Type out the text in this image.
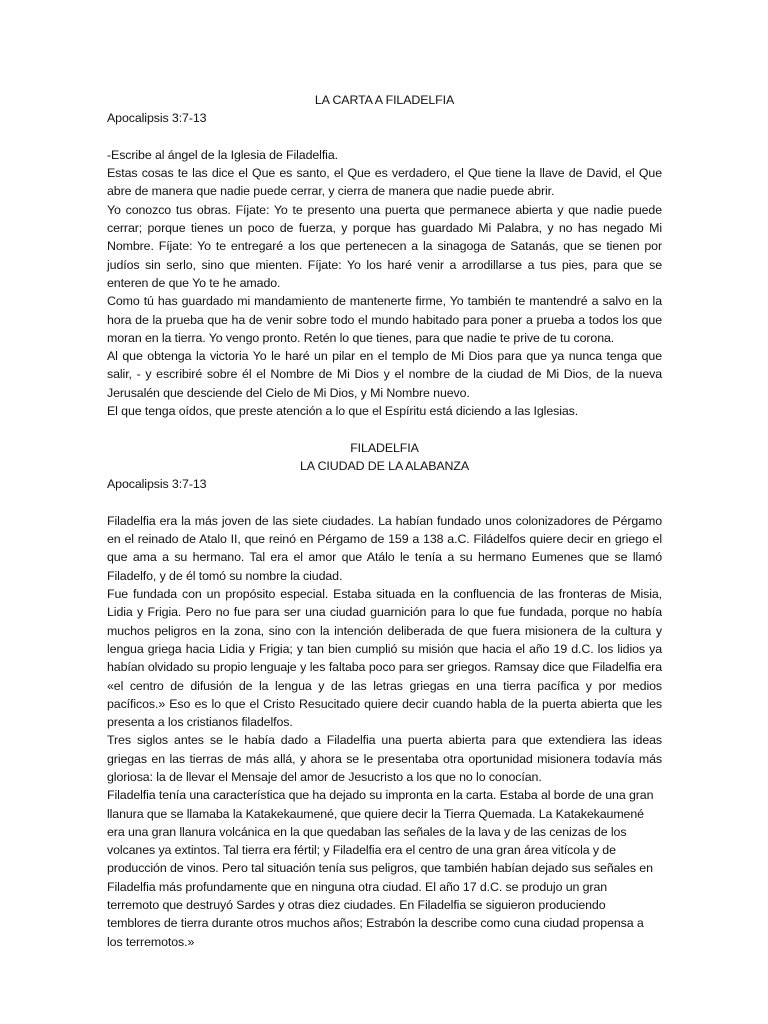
LA CARTA A FILADELFIA

Apocalipsis 3:7-13

-Escribe al ángel de la Iglesia de Filadelfia.

Estas cosas te las dice el Que es santo, el Que es verdadero, el Que tiene la llave de David, el Que abre de manera que nadie puede cerrar, y cierra de manera que nadie puede abrir.

Yo conozco tus obras. Fíjate: Yo te presento una puerta que permanece abierta y que nadie puede cerrar; porque tienes un poco de fuerza, y porque has guardado Mi Palabra, y no has negado Mi Nombre. Fíjate: Yo te entregaré a los que pertenecen a la sinagoga de Satanás, que se tienen por judíos sin serlo, sino que mienten. Fíjate: Yo los haré venir a arrodillarse a tus pies, para que se enteren de que Yo te he amado.

Como tú has guardado mi mandamiento de mantenerte firme, Yo también te mantendré a salvo en la hora de la prueba que ha de venir sobre todo el mundo habitado para poner a prueba a todos los que moran en la tierra. Yo vengo pronto. Retén lo que tienes, para que nadie te prive de tu corona.

Al que obtenga la victoria Yo le haré un pilar en el templo de Mi Dios para que ya nunca tenga que salir, - y escribiré sobre él el Nombre de Mi Dios y el nombre de la ciudad de Mi Dios, de la nueva Jerusalén que desciende del Cielo de Mi Dios, y Mi Nombre nuevo.

El que tenga oídos, que preste atención a lo que el Espíritu está diciendo a las Iglesias.

FILADELFIA

LA CIUDAD DE LA ALABANZA

Apocalipsis 3:7-13

Filadelfia era la más joven de las siete ciudades. La habían fundado unos colonizadores de Pérgamo en el reinado de Atalo II, que reinó en Pérgamo de 159 a 138 a.C. Filádelfos quiere decir en griego el que ama a su hermano. Tal era el amor que Atálo le tenía a su hermano Eumenes que se llamó Filadelfo, y de él tomó su nombre la ciudad.

Fue fundada con un propósito especial. Estaba situada en la confluencia de las fronteras de Misia, Lidia y Frigia. Pero no fue para ser una ciudad guarnición para lo que fue fundada, porque no había muchos peligros en la zona, sino con la intención deliberada de que fuera misionera de la cultura y lengua griega hacia Lidia y Frigia; y tan bien cumplió su misión que hacia el año 19 d.C. los lidios ya habían olvidado su propio lenguaje y les faltaba poco para ser griegos. Ramsay dice que Filadelfia era «el centro de difusión de la lengua y de las letras griegas en una tierra pacífica y por medios pacíficos.» Eso es lo que el Cristo Resucitado quiere decir cuando habla de la puerta abierta que les presenta a los cristianos filadelfos.

Tres siglos antes se le había dado a Filadelfia una puerta abierta para que extendiera las ideas griegas en las tierras de más allá, y ahora se le presentaba otra oportunidad misionera todavía más gloriosa: la de llevar el Mensaje del amor de Jesucristo a los que no lo conocían.

Filadelfia tenía una característica que ha dejado su impronta en la carta. Estaba al borde de una gran llanura que se llamaba la Katakekaumené, que quiere decir la Tierra Quemada. La Katakekaumené era una gran llanura volcánica en la que quedaban las señales de la lava y de las cenizas de los volcanes ya extintos. Tal tierra era fértil; y Filadelfia era el centro de una gran área vitícola y de producción de vinos. Pero tal situación tenía sus peligros, que también habían dejado sus señales en Filadelfia más profundamente que en ninguna otra ciudad. El año 17 d.C. se produjo un gran terremoto que destruyó Sardes y otras diez ciudades. En Filadelfia se siguieron produciendo temblores de tierra durante otros muchos años; Estrabón la describe como cuna ciudad propensa a los terremotos.»
